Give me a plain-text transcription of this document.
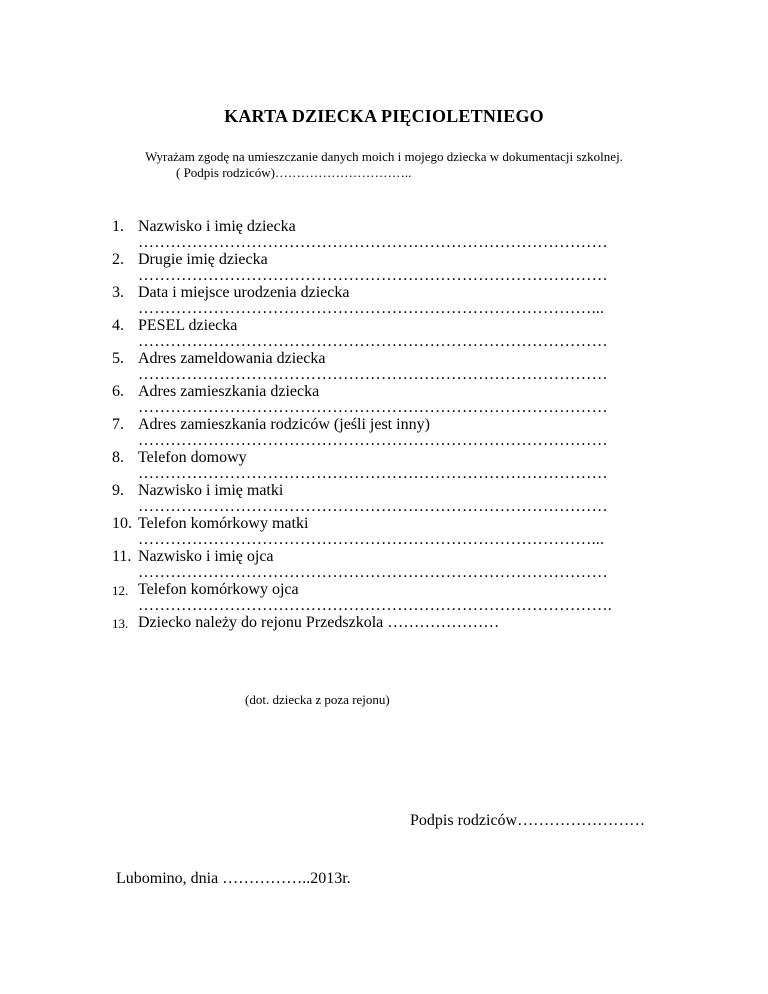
KARTA DZIECKA PIĘCIOLETNIEGO
Wyrażam zgodę na umieszczanie danych moich i mojego dziecka w dokumentacji szkolnej.
( Podpis rodziców)…………………………..
1. Nazwisko i imię dziecka
……………………………………………………………………………
2. Drugie imię dziecka
……………………………………………………………………………
3. Data i miejsce urodzenia dziecka
…………………………………………………………………………...
4. PESEL dziecka
……………………………………………………………………………
5. Adres zameldowania dziecka
……………………………………………………………………………
6. Adres zamieszkania dziecka
……………………………………………………………………………
7. Adres zamieszkania rodziców (jeśli jest inny)
……………………………………………………………………………
8. Telefon domowy
……………………………………………………………………………
9. Nazwisko i imię matki
……………………………………………………………………………
10. Telefon komórkowy matki
…………………………………………………………………………...
11. Nazwisko i imię ojca
……………………………………………………………………………
12. Telefon komórkowy ojca
…………………………………………………………………………….
13. Dziecko należy do rejonu Przedszkola …………………
(dot. dziecka z poza rejonu)
Podpis rodziców……………………
Lubomino, dnia ……………..2013r.
